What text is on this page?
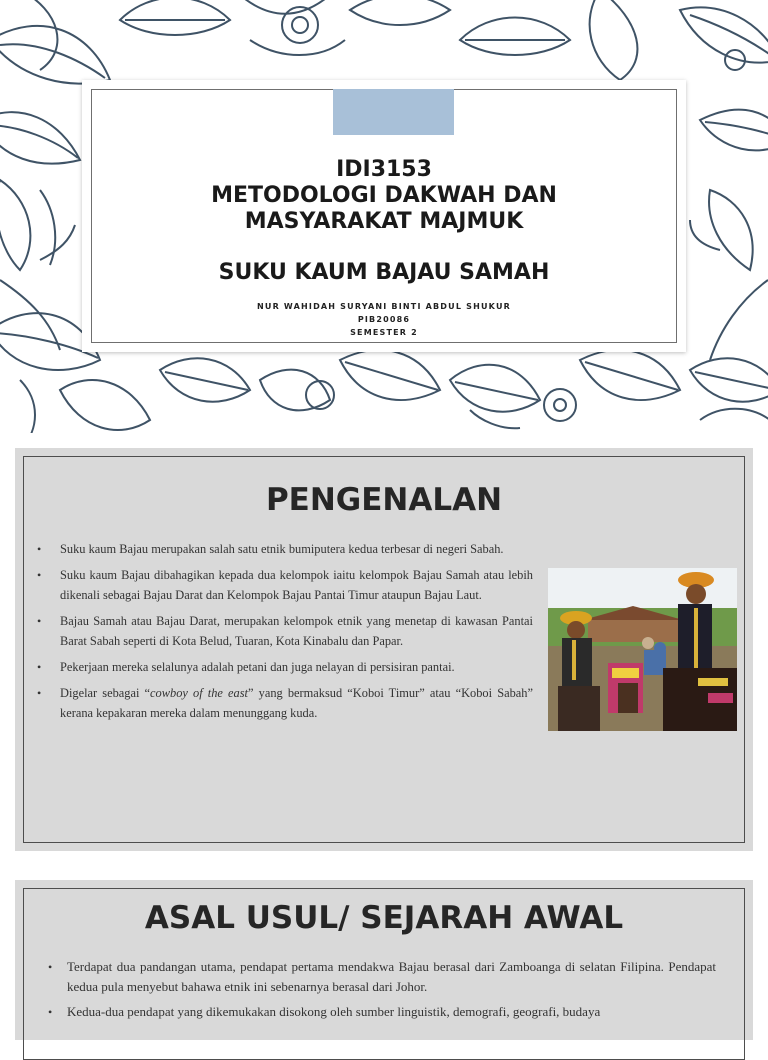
IDI3153

METODOLOGI DAKWAH DAN

MASYARAKAT MAJMUK

SUKU KAUM BAJAU SAMAH

NUR WAHIDAH SURYANI BINTI ABDUL SHUKUR

PIB20086

SEMESTER 2

PENGENALAN
• Suku kaum Bajau merupakan salah satu etnik bumiputera kedua terbesar di negeri Sabah.
• Suku kaum Bajau dibahagikan kepada dua kelompok iaitu kelompok Bajau Samah atau lebih dikenali sebagai Bajau Darat dan Kelompok Bajau Pantai Timur ataupun Bajau Laut.
• Bajau Samah atau Bajau Darat, merupakan kelompok etnik yang menetap di kawasan Pantai Barat Sabah seperti di Kota Belud, Tuaran, Kota Kinabalu dan Papar.
• Pekerjaan mereka selalunya adalah petani dan juga nelayan di persisiran pantai.
• Digelar sebagai “cowboy of the east” yang bermaksud “Koboi Timur” atau “Koboi Sabah” kerana kepakaran mereka dalam menunggang kuda.
ASAL USUL/ SEJARAH AWAL
• Terdapat dua pandangan utama, pendapat pertama mendakwa Bajau berasal dari Zamboanga di selatan Filipina. Pendapat kedua pula menyebut bahawa etnik ini sebenarnya berasal dari Johor.
• Kedua-dua pendapat yang dikemukakan disokong oleh sumber linguistik, demografi, geografi, budaya
